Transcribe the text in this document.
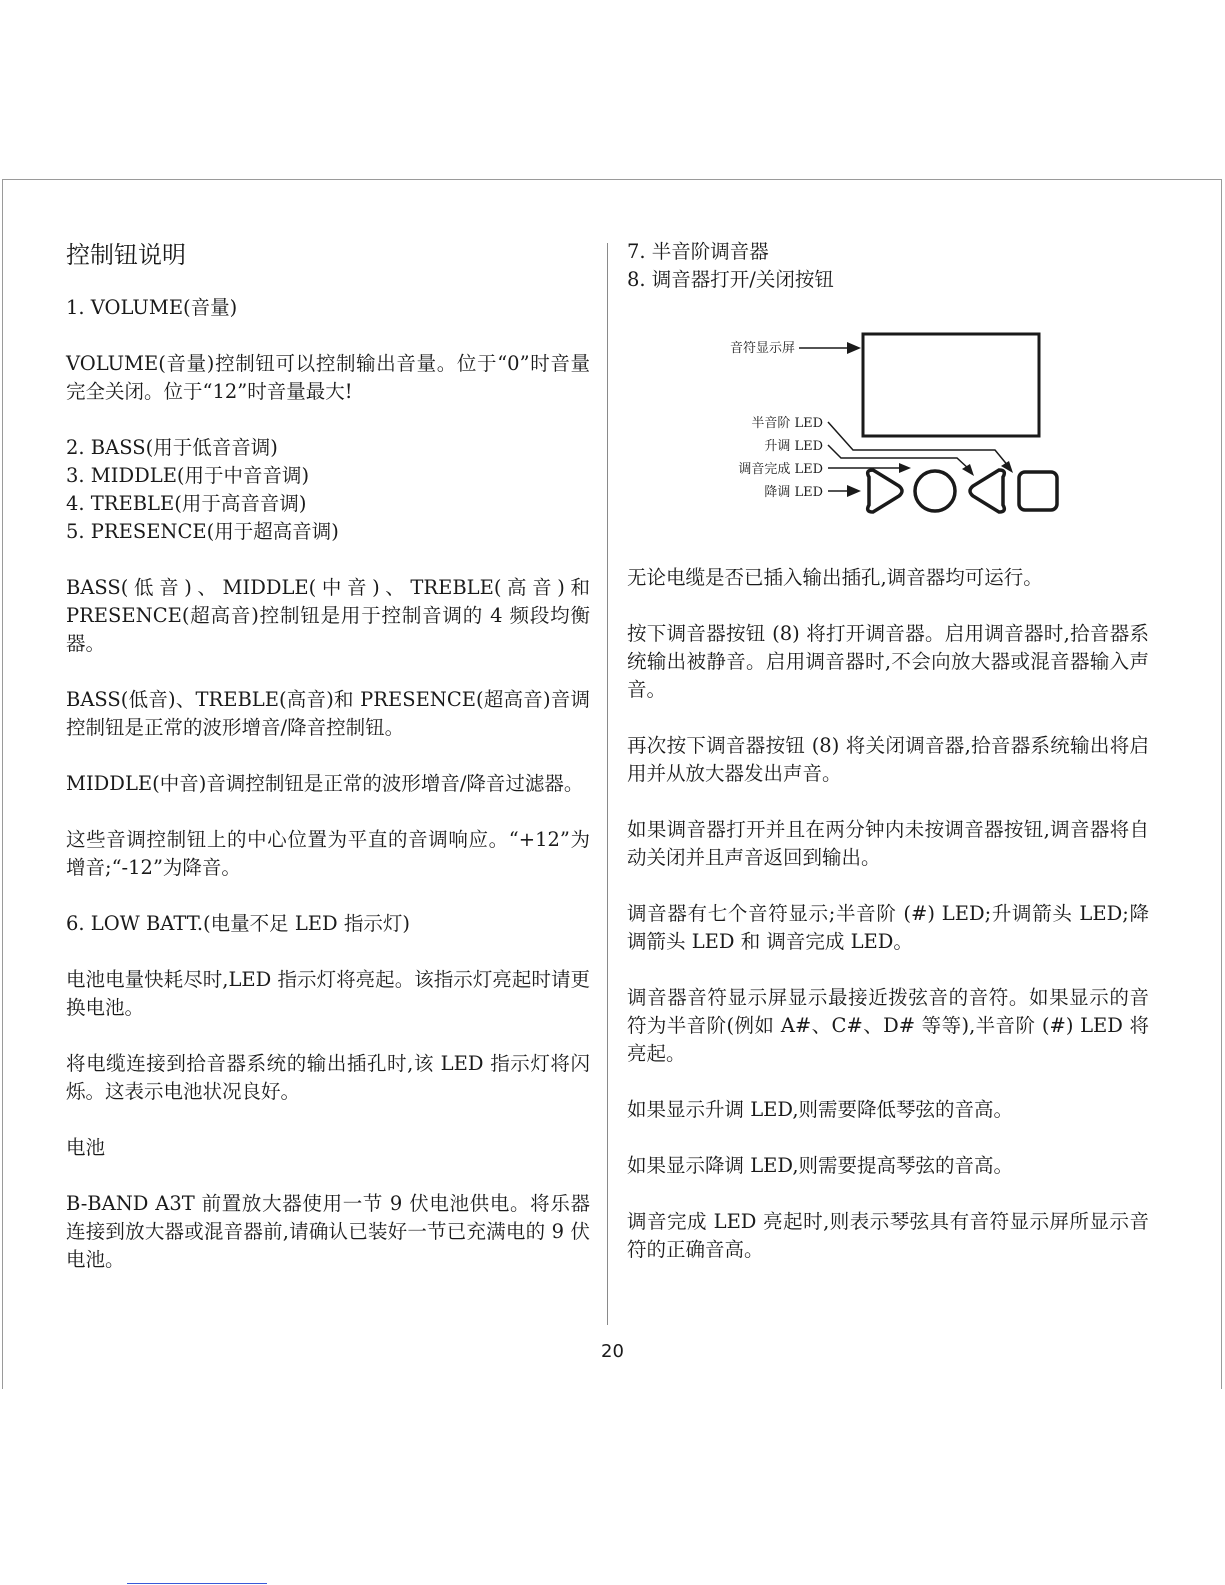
控制钮说明

1. VOLUME(音量)

VOLUME(音量)控制钮可以控制输出音量。位于“0”时音量完全关闭。位于“12”时音量最大!

2. BASS(用于低音音调)

3. MIDDLE(用于中音音调)

4. TREBLE(用于高音音调)

5. PRESENCE(用于超高音调)

BASS(低音)、MIDDLE(中音)、TREBLE(高音)和 PRESENCE(超高音)控制钮是用于控制音调的 4 频段均衡器。

BASS(低音)、TREBLE(高音)和 PRESENCE(超高音)音调控制钮是正常的波形增音/降音控制钮。

MIDDLE(中音)音调控制钮是正常的波形增音/降音过滤器。

这些音调控制钮上的中心位置为平直的音调响应。“+12”为增音;“-12”为降音。

6. LOW BATT.(电量不足 LED 指示灯)

电池电量快耗尽时,LED 指示灯将亮起。该指示灯亮起时请更换电池。

将电缆连接到拾音器系统的输出插孔时,该 LED 指示灯将闪烁。这表示电池状况良好。

电池

B-BAND A3T 前置放大器使用一节 9 伏电池供电。将乐器连接到放大器或混音器前,请确认已装好一节已充满电的 9 伏电池。

7. 半音阶调音器

8. 调音器打开/关闭按钮

音符显示屏
半音阶 LED
升调 LED
调音完成 LED
降调 LED

无论电缆是否已插入输出插孔,调音器均可运行。

按下调音器按钮 (8) 将打开调音器。启用调音器时,拾音器系统输出被静音。启用调音器时,不会向放大器或混音器输入声音。

再次按下调音器按钮 (8) 将关闭调音器,拾音器系统输出将启用并从放大器发出声音。

如果调音器打开并且在两分钟内未按调音器按钮,调音器将自动关闭并且声音返回到输出。

调音器有七个音符显示;半音阶 (#) LED;升调箭头 LED;降调箭头 LED 和 调音完成 LED。

调音器音符显示屏显示最接近拨弦音的音符。如果显示的音符为半音阶(例如 A#、C#、D# 等等),半音阶 (#) LED 将亮起。

如果显示升调 LED,则需要降低琴弦的音高。

如果显示降调 LED,则需要提高琴弦的音高。

调音完成 LED 亮起时,则表示琴弦具有音符显示屏所显示音符的正确音高。

20
